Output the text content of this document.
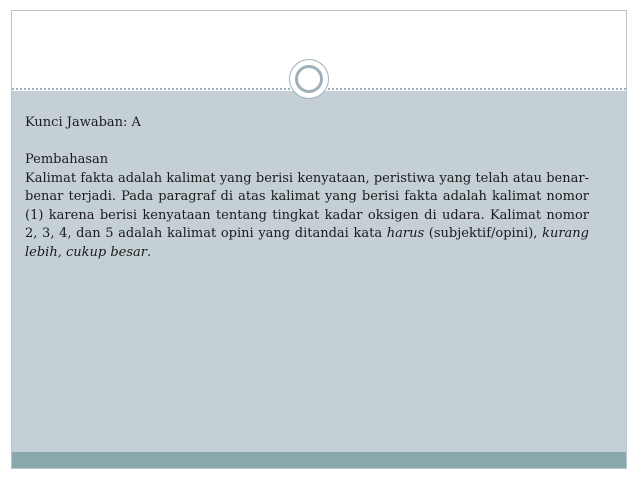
Kunci Jawaban: A

Pembahasan

Kalimat fakta adalah kalimat yang berisi kenyataan, peristiwa yang telah atau benar-benar terjadi. Pada paragraf di atas kalimat yang berisi fakta adalah kalimat nomor (1) karena berisi kenyataan tentang tingkat kadar oksigen di udara. Kalimat nomor 2, 3, 4, dan 5 adalah kalimat opini yang ditandai kata harus (subjektif/opini), kurang lebih, cukup besar.
